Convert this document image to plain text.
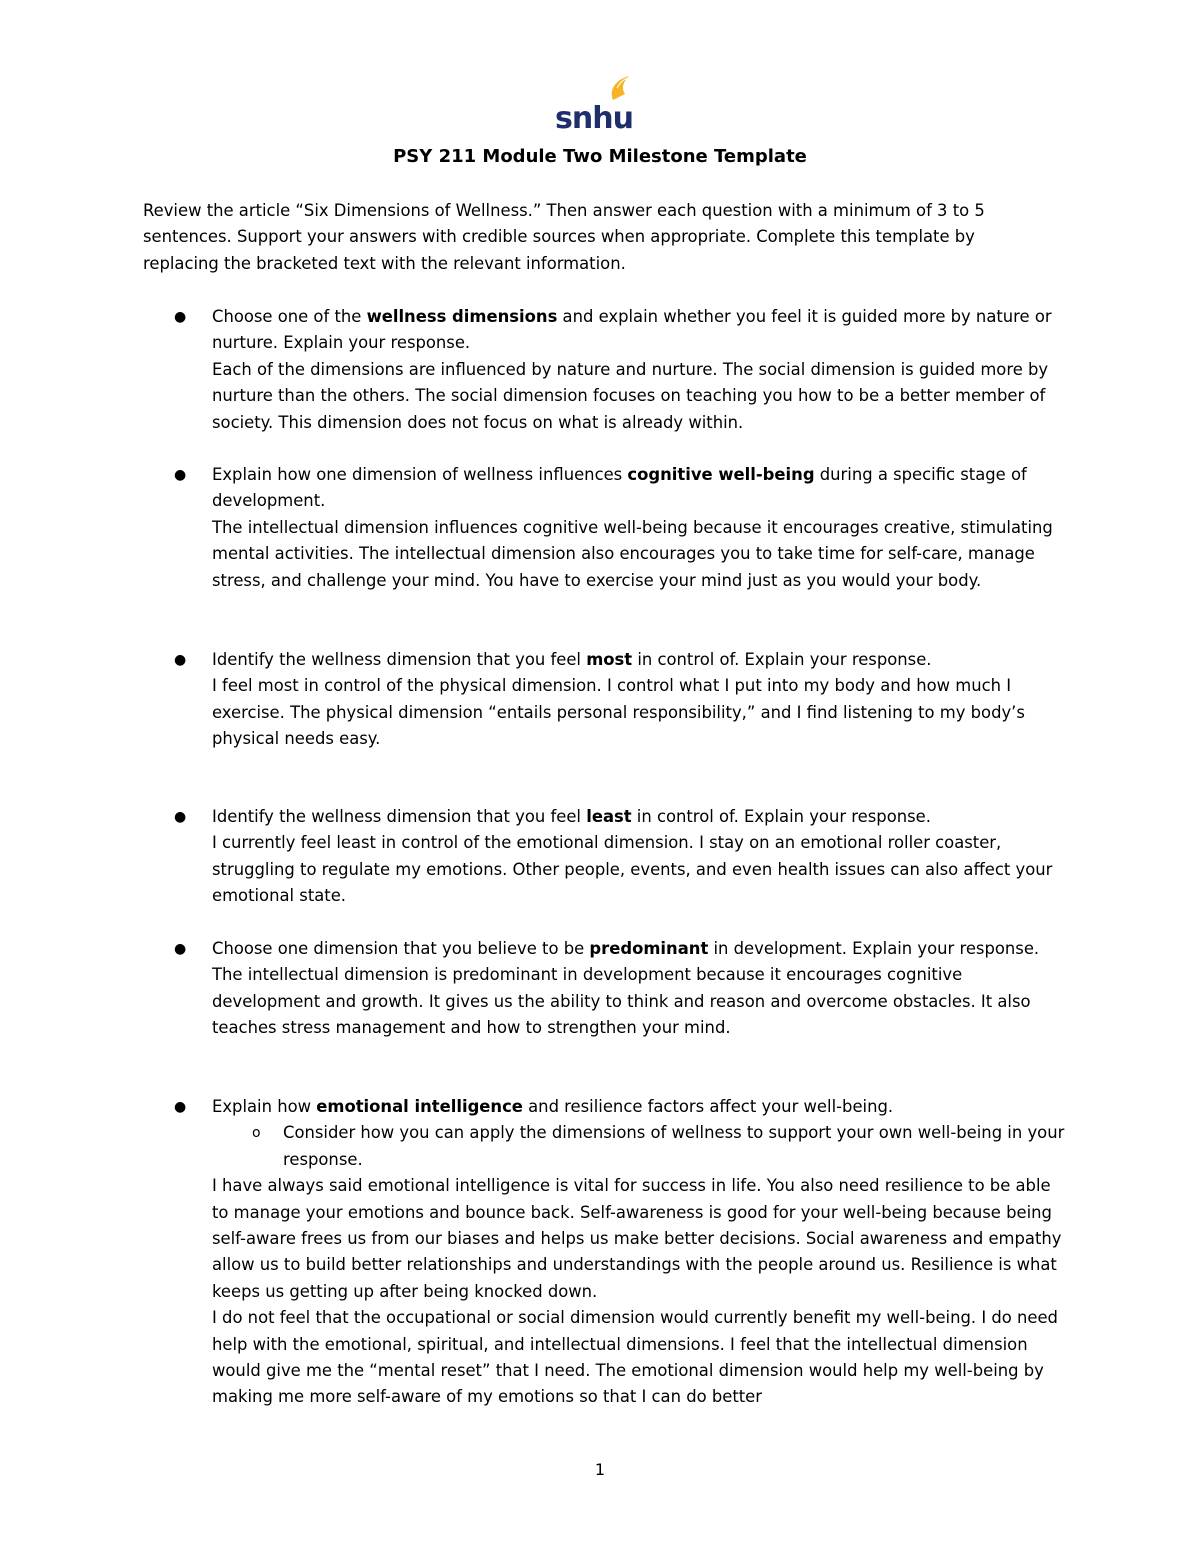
snhu
PSY 211 Module Two Milestone Template

Review the article “Six Dimensions of Wellness.” Then answer each question with a minimum of 3 to 5 sentences. Support your answers with credible sources when appropriate. Complete this template by replacing the bracketed text with the relevant information.

● Choose one of the wellness dimensions and explain whether you feel it is guided more by nature or nurture. Explain your response.

Each of the dimensions are influenced by nature and nurture. The social dimension is guided more by nurture than the others. The social dimension focuses on teaching you how to be a better member of society. This dimension does not focus on what is already within.

● Explain how one dimension of wellness influences cognitive well-being during a specific stage of development.

The intellectual dimension influences cognitive well-being because it encourages creative, stimulating mental activities. The intellectual dimension also encourages you to take time for self-care, manage stress, and challenge your mind. You have to exercise your mind just as you would your body.

● Identify the wellness dimension that you feel most in control of. Explain your response.

I feel most in control of the physical dimension. I control what I put into my body and how much I exercise. The physical dimension “entails personal responsibility,” and I find listening to my body’s physical needs easy.

● Identify the wellness dimension that you feel least in control of. Explain your response.

I currently feel least in control of the emotional dimension. I stay on an emotional roller coaster, struggling to regulate my emotions. Other people, events, and even health issues can also affect your emotional state.

● Choose one dimension that you believe to be predominant in development. Explain your response.

The intellectual dimension is predominant in development because it encourages cognitive development and growth. It gives us the ability to think and reason and overcome obstacles. It also teaches stress management and how to strengthen your mind.

● Explain how emotional intelligence and resilience factors affect your well-being.

o Consider how you can apply the dimensions of wellness to support your own well-being in your response.

I have always said emotional intelligence is vital for success in life. You also need resilience to be able to manage your emotions and bounce back. Self-awareness is good for your well-being because being self-aware frees us from our biases and helps us make better decisions. Social awareness and empathy allow us to build better relationships and understandings with the people around us. Resilience is what keeps us getting up after being knocked down.

I do not feel that the occupational or social dimension would currently benefit my well-being. I do need help with the emotional, spiritual, and intellectual dimensions. I feel that the intellectual dimension would give me the “mental reset” that I need. The emotional dimension would help my well-being by making me more self-aware of my emotions so that I can do better

1
